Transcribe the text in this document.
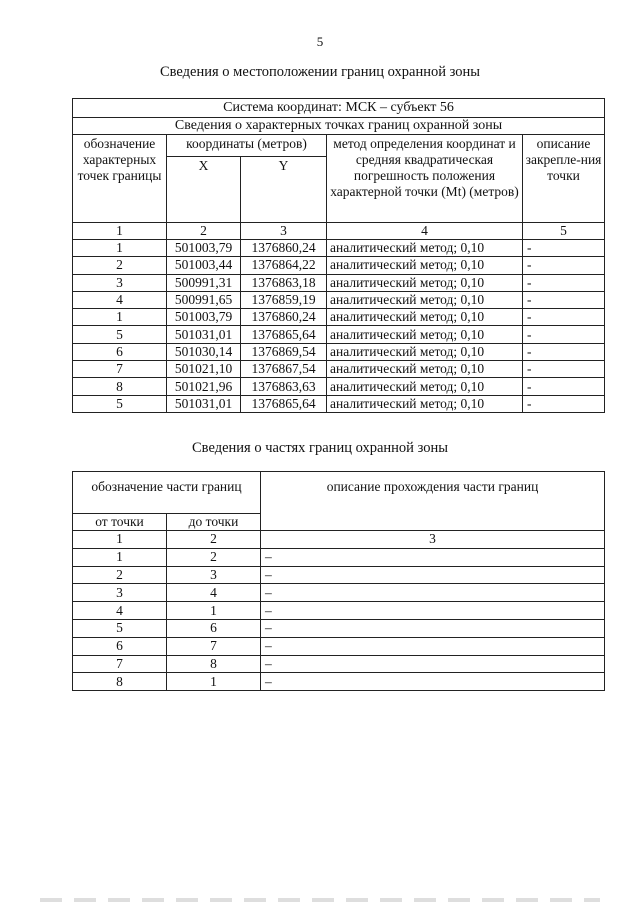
5
Сведения о местоположении границ охранной зоны
Система координат: МСК – субъект 56				
Сведения о характерных точках границ охранной зоны				
обозначение характерных точек границы	координаты (метров)		метод определения координат и средняя квадратическая погрешность положения характерной точки (Mt) (метров)	описание закрепле-ния точки
	X	Y		
1	2	3	4	5
1	501003,79	1376860,24	аналитический метод; 0,10	-
2	501003,44	1376864,22	аналитический метод; 0,10	-
3	500991,31	1376863,18	аналитический метод; 0,10	-
4	500991,65	1376859,19	аналитический метод; 0,10	-
1	501003,79	1376860,24	аналитический метод; 0,10	-
5	501031,01	1376865,64	аналитический метод; 0,10	-
6	501030,14	1376869,54	аналитический метод; 0,10	-
7	501021,10	1376867,54	аналитический метод; 0,10	-
8	501021,96	1376863,63	аналитический метод; 0,10	-
5	501031,01	1376865,64	аналитический метод; 0,10	-
Сведения о частях границ охранной зоны
обозначение части границ		описание прохождения части границ
от точки	до точки	
1	2	3
1	2	–
2	3	–
3	4	–
4	1	–
5	6	–
6	7	–
7	8	–
8	1	–
